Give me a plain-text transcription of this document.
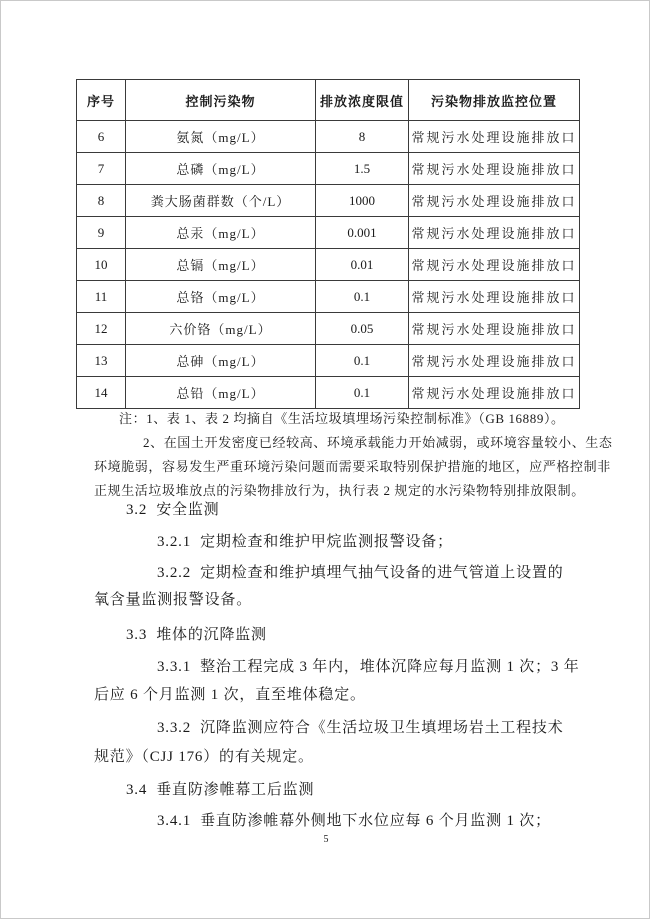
序号	控制污染物	排放浓度限值	污染物排放监控位置
6	氨氮（mg/L）	8	常规污水处理设施排放口
7	总磷（mg/L）	1.5	常规污水处理设施排放口
8	粪大肠菌群数（个/L）	1000	常规污水处理设施排放口
9	总汞（mg/L）	0.001	常规污水处理设施排放口
10	总镉（mg/L）	0.01	常规污水处理设施排放口
11	总铬（mg/L）	0.1	常规污水处理设施排放口
12	六价铬（mg/L）	0.05	常规污水处理设施排放口
13	总砷（mg/L）	0.1	常规污水处理设施排放口
14	总铅（mg/L）	0.1	常规污水处理设施排放口
注：1、表 1、表 2 均摘自《生活垃圾填埋场污染控制标准》（GB 16889）。
2、在国土开发密度已经较高、环境承载能力开始减弱，或环境容量较小、生态
环境脆弱，容易发生严重环境污染问题而需要采取特别保护措施的地区，应严格控制非
正规生活垃圾堆放点的污染物排放行为，执行表 2 规定的水污染物特别排放限制。
3.2  安全监测
3.2.1  定期检查和维护甲烷监测报警设备；
3.2.2  定期检查和维护填埋气抽气设备的进气管道上设置的
氧含量监测报警设备。
3.3  堆体的沉降监测
3.3.1  整治工程完成 3 年内，堆体沉降应每月监测 1 次；3 年
后应 6 个月监测 1 次，直至堆体稳定。
3.3.2  沉降监测应符合《生活垃圾卫生填埋场岩土工程技术
规范》（CJJ 176）的有关规定。
3.4  垂直防渗帷幕工后监测
3.4.1  垂直防渗帷幕外侧地下水位应每 6 个月监测 1 次；
5
